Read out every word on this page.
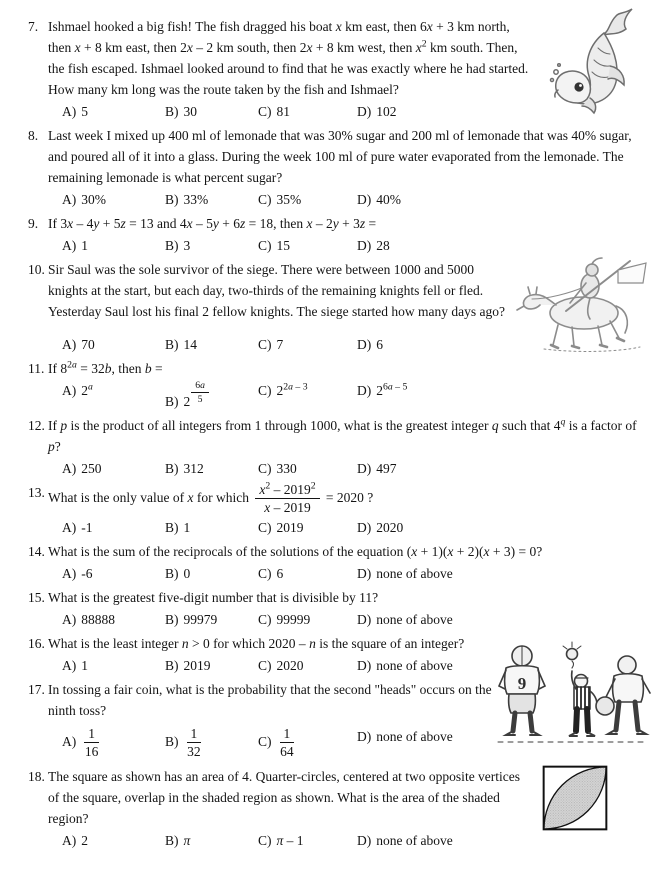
7. Ishmael hooked a big fish! The fish dragged his boat x km east, then 6x + 3 km north, then x + 8 km east, then 2x – 2 km south, then 2x + 8 km west, then $x^2$ km south. Then, the fish escaped. Ishmael looked around to find that he was exactly where he had started. How many km long was the route taken by the fish and Ishmael?
A) 5	B) 30	C) 81	D) 102
8. Last week I mixed up 400 ml of lemonade that was 30% sugar and 200 ml of lemonade that was 40% sugar, and poured all of it into a glass. During the week 100 ml of pure water evaporated from the lemonade. The remaining lemonade is what percent sugar?
A) 30%	B) 33%	C) 35%	D) 40%
9. If 3x – 4y + 5z = 13 and 4x – 5y + 6z = 18, then x – 2y + 3z =
A) 1	B) 3	C) 15	D) 28
10. Sir Saul was the sole survivor of the siege. There were between 1000 and 5000 knights at the start, but each day, two-thirds of the remaining knights fell or fled. Yesterday Saul lost his final 2 fellow knights. The siege started how many days ago?
A) 70	B) 14	C) 7	D) 6
11. If $8^{2a} = 32b$, then b =
A) 2$^a$
B) 2 $^{\frac{6a}{5}}$	C) $2^{2a}$ $^{- 3}$	D) $2^{6a}$ $^{- 5}$
12. If p is the product of all integers from 1 through 1000, what is the greatest integer q such that 4$^q$ is a factor of p?
A) 250	B) 312	C) 330	D) 497
13. What is the only value of x for which $\frac{x^2 - 2019^2}{x - 2019} = 2020$ ?
A) -1	B) 1	C) 2019	D) 2020
14. What is the sum of the reciprocals of the solutions of the equation (x + 1)(x + 2)(x + 3) = 0?
A) -6	B) 0	C) 6	D) none of above
15. What is the greatest five-digit number that is divisible by 11?
A) 88888	B) 99979	C) 99999	D) none of above
16. What is the least integer n > 0 for which 2020 – n is the square of an integer?
A) 1	B) 2019	C) 2020	D) none of above
9
17. In tossing a fair coin, what is the probability that the second "heads" occurs on the ninth toss?
$A) \frac{1}{16}$	$B) \frac{1}{32}$	$C) \frac{1}{64}$	D) none of above
18. The square as shown has an area of 4. Quarter-circles, centered at two opposite vertices of the square, overlap in the shaded region as shown. What is the area of the shaded region?
A) 2	B) π	C) π – 1	D) none of above
